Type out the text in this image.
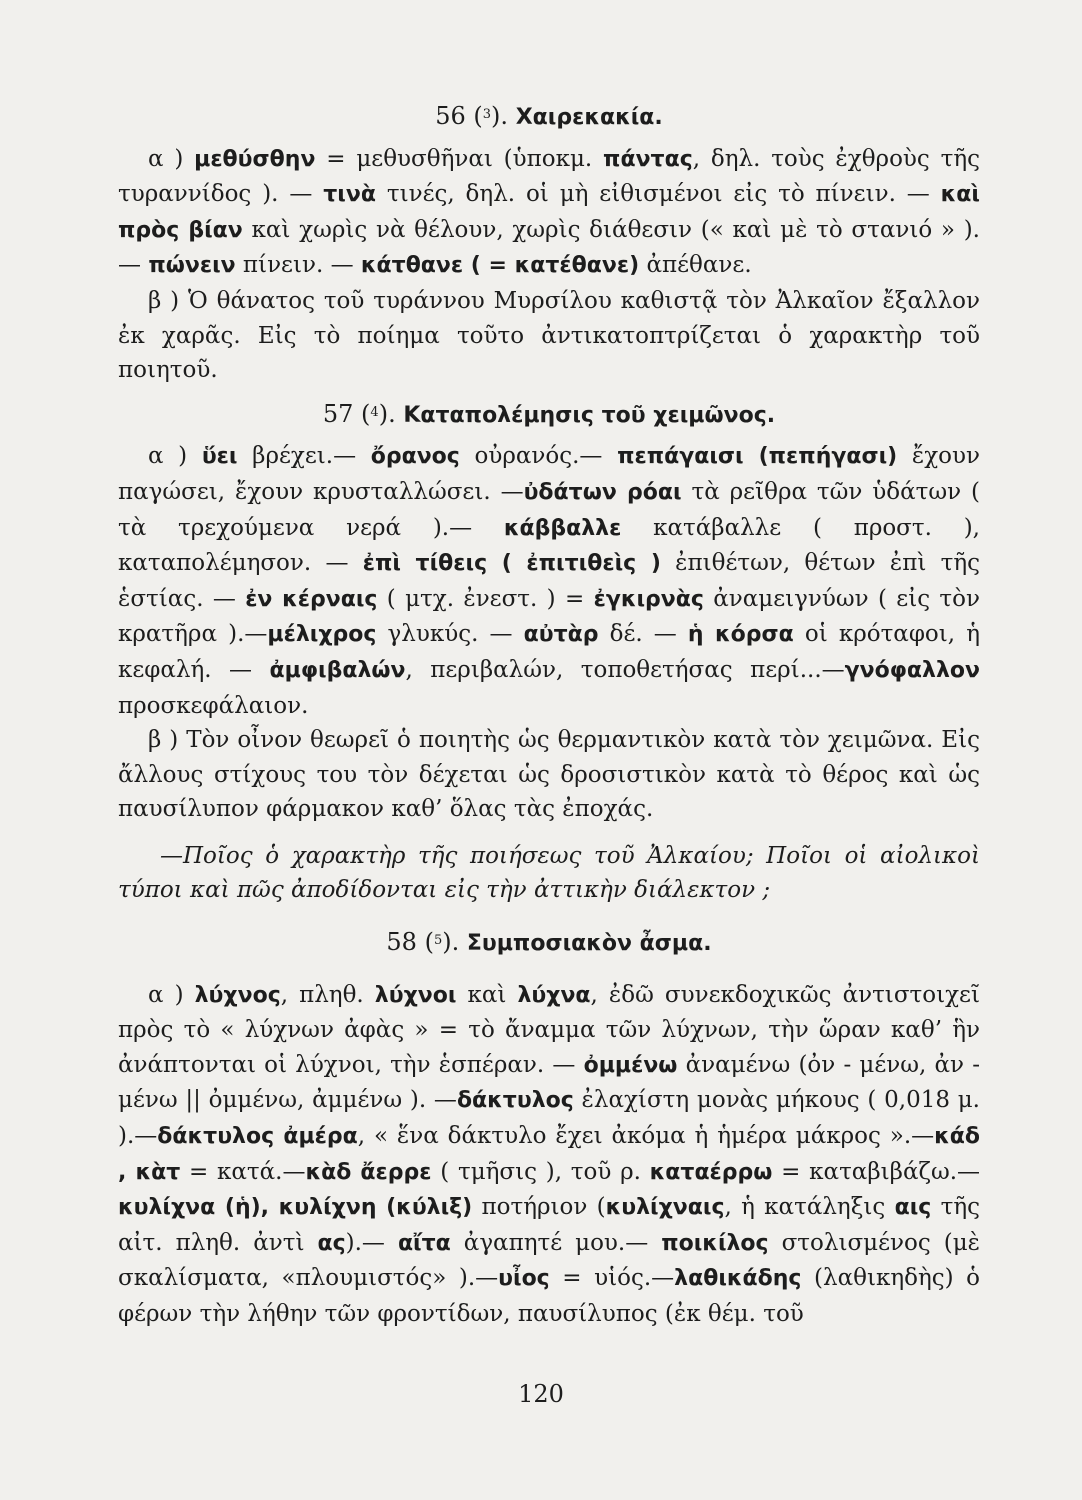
56 ($^3$). Χαιρεκακία.

α ) μεθύσθην = μεθυσθῆναι (ὑποκμ. πάντας, δηλ. τοὺς ἐχθροὺς τῆς τυραννίδος ). — τινὰ τινές, δηλ. οἱ μὴ εἰθισμένοι εἰς τὸ πίνειν. — καὶ πρὸς βίαν καὶ χωρὶς νὰ θέλουν, χωρὶς διάθεσιν (« καὶ μὲ τὸ στανιό » ). — πώνειν πίνειν. — κάτθανε ( = κατέθανε) ἀπέθανε.

β ) Ὁ θάνατος τοῦ τυράννου Μυρσίλου καθιστᾷ τὸν Ἀλκαῖον ἔξαλλον ἐκ χαρᾶς. Εἰς τὸ ποίημα τοῦτο ἀντικατοπτρίζεται ὁ χαρακτὴρ τοῦ ποιητοῦ.

57 ($^4$). Καταπολέμησις τοῦ χειμῶνος.

α ) ὕει βρέχει.— ὄρανος οὐρανός.— πεπάγαισι (πεπήγασι) ἔχουν παγώσει, ἔχουν κρυσταλλώσει. —ὐδάτων ρόαι τὰ ρεῖθρα τῶν ὑδάτων ( τὰ τρεχούμενα νερά ).— κάββαλλε κατάβαλλε ( προστ. ), καταπολέμησον. — ἐπὶ τίθεις ( ἐπιτιθεὶς ) ἐπιθέτων, θέτων ἐπὶ τῆς ἑστίας. — ἐν κέρναις ( μτχ. ἐνεστ. ) = ἐγκιρνὰς ἀναμειγνύων ( εἰς τὸν κρατῆρα ).—μέλιχρος γλυκύς. — αὐτὰρ δέ. — ἡ κόρσα οἱ κρόταφοι, ἡ κεφαλή. — ἀμφιβαλών, περιβαλών, τοποθετήσας περί...—γνόφαλλον προσκεφάλαιον.

β ) Τὸν οἶνον θεωρεῖ ὁ ποιητὴς ὡς θερμαντικὸν κατὰ τὸν χειμῶνα. Εἰς ἄλλους στίχους του τὸν δέχεται ὡς δροσιστικὸν κατὰ τὸ θέρος καὶ ὡς παυσίλυπον φάρμακον καθ’ ὅλας τὰς ἐποχάς.

—Ποῖος ὁ χαρακτὴρ τῆς ποιήσεως τοῦ Ἀλκαίου; Ποῖοι οἱ αἰολικοὶ τύποι καὶ πῶς ἀποδίδονται εἰς τὴν ἀττικὴν διάλεκτον ;

58 ($^5$). Συμποσιακὸν ἆσμα.

α ) λύχνος, πληθ. λύχνοι καὶ λύχνα, ἐδῶ συνεκδοχικῶς ἀντιστοιχεῖ πρὸς τὸ « λύχνων ἀφὰς » = τὸ ἄναμμα τῶν λύχνων, τὴν ὥραν καθ’ ἣν ἀνάπτονται οἱ λύχνοι, τὴν ἑσπέραν. — ὀμμένω ἀναμένω (ὀν - μένω, ἀν - μένω || ὀμμένω, ἀμμένω ). —δάκτυλος ἐλαχίστη μονὰς μήκους ( 0,018 μ. ).—δάκτυλος ἀμέρα, « ἕνα δάκτυλο ἔχει ἀκόμα ἡ ἡμέρα μάκρος ».—κάδ , κὰτ = κατά.—κὰδ ἄερρε ( τμῆσις ), τοῦ ρ. καταέρρω = καταβιβάζω.—κυλίχνα (ἡ), κυλίχνη (κύλιξ) ποτήριον (κυλίχναις, ἡ κατάληξις αις τῆς αἰτ. πληθ. ἀντὶ ας).— αἴτα ἀγαπητέ μου.— ποικίλος στολισμένος (μὲ σκαλίσματα, «πλουμιστός» ).—υἶος = υἱός.—λαθικάδης (λαθικηδὴς) ὁ φέρων τὴν λήθην τῶν φροντίδων, παυσίλυπος (ἐκ θέμ. τοῦ

120
